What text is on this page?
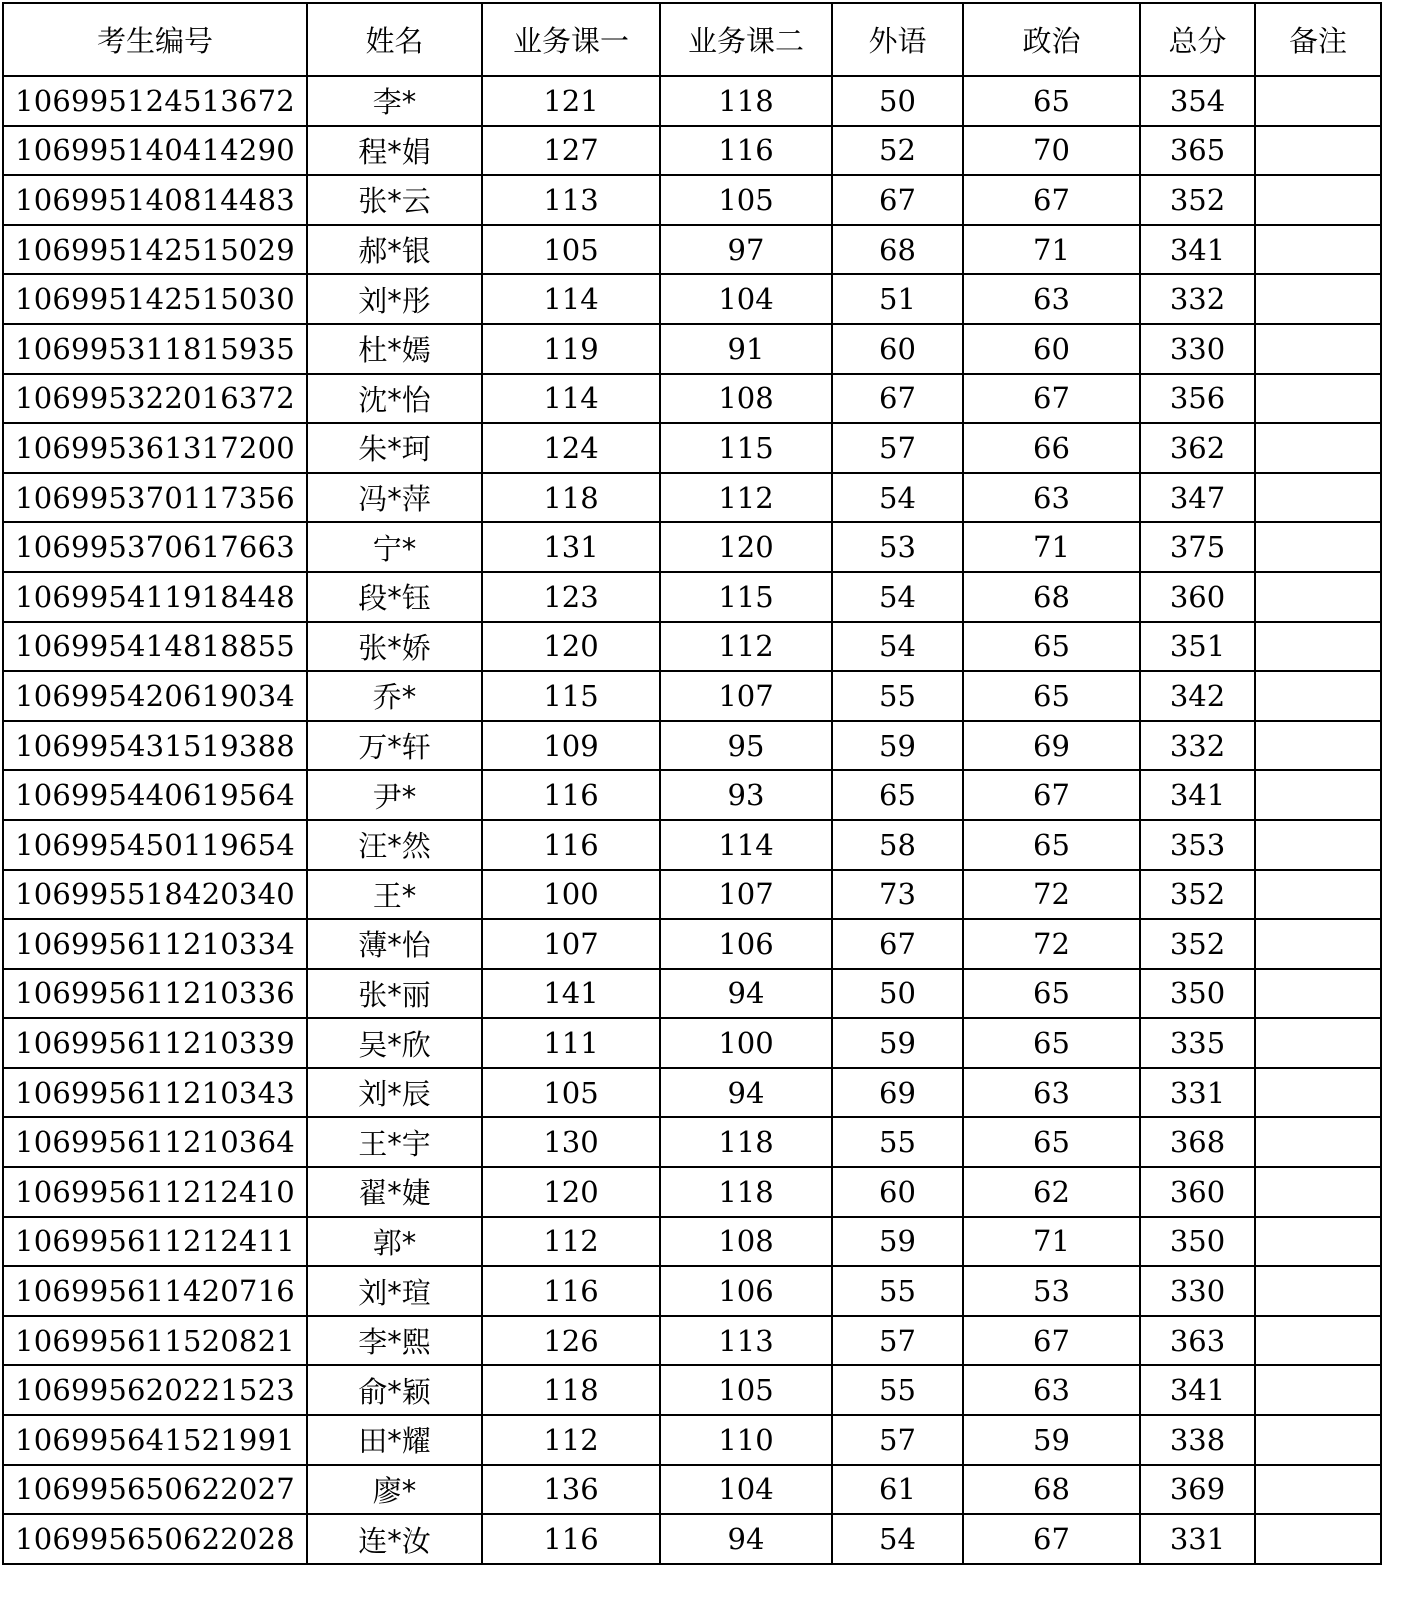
考生编号	姓名	业务课一	业务课二	外语	政治	总分	备注
106995124513672	李*	121	118	50	65	354	
106995140414290	程*娟	127	116	52	70	365	
106995140814483	张*云	113	105	67	67	352	
106995142515029	郝*银	105	97	68	71	341	
106995142515030	刘*彤	114	104	51	63	332	
106995311815935	杜*嫣	119	91	60	60	330	
106995322016372	沈*怡	114	108	67	67	356	
106995361317200	朱*珂	124	115	57	66	362	
106995370117356	冯*萍	118	112	54	63	347	
106995370617663	宁*	131	120	53	71	375	
106995411918448	段*钰	123	115	54	68	360	
106995414818855	张*娇	120	112	54	65	351	
106995420619034	乔*	115	107	55	65	342	
106995431519388	万*轩	109	95	59	69	332	
106995440619564	尹*	116	93	65	67	341	
106995450119654	汪*然	116	114	58	65	353	
106995518420340	王*	100	107	73	72	352	
106995611210334	薄*怡	107	106	67	72	352	
106995611210336	张*丽	141	94	50	65	350	
106995611210339	吴*欣	111	100	59	65	335	
106995611210343	刘*辰	105	94	69	63	331	
106995611210364	王*宇	130	118	55	65	368	
106995611212410	翟*婕	120	118	60	62	360	
106995611212411	郭*	112	108	59	71	350	
106995611420716	刘*瑄	116	106	55	53	330	
106995611520821	李*熙	126	113	57	67	363	
106995620221523	俞*颖	118	105	55	63	341	
106995641521991	田*耀	112	110	57	59	338	
106995650622027	廖*	136	104	61	68	369	
106995650622028	连*汝	116	94	54	67	331	
